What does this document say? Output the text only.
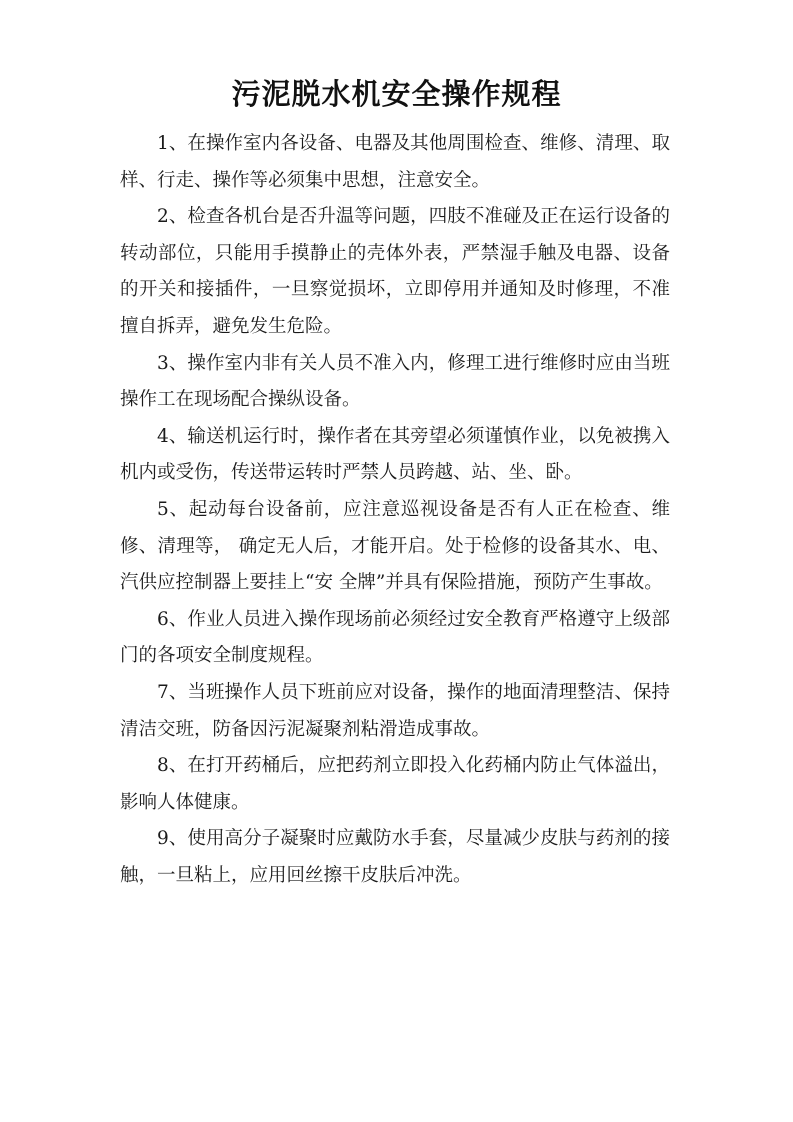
污泥脱水机安全操作规程

1、在操作室内各设备、电器及其他周围检查、维修、清理、取样、行走、操作等必须集中思想，注意安全。

2、检查各机台是否升温等问题，四肢不准碰及正在运行设备的转动部位，只能用手摸静止的壳体外表，严禁湿手触及电器、设备的开关和接插件，一旦察觉损坏，立即停用并通知及时修理，不准擅自拆弄，避免发生危险。

3、操作室内非有关人员不准入内，修理工进行维修时应由当班操作工在现场配合操纵设备。

4、输送机运行时，操作者在其旁望必须谨慎作业，以免被携入机内或受伤，传送带运转时严禁人员跨越、站、坐、卧。

5、起动每台设备前，应注意巡视设备是否有人正在检查、维修、清理等， 确定无人后，才能开启。处于检修的设备其水、电、汽供应控制器上要挂上“安 全牌”并具有保险措施，预防产生事故。

6、作业人员进入操作现场前必须经过安全教育严格遵守上级部门的各项安全制度规程。

7、当班操作人员下班前应对设备，操作的地面清理整洁、保持清洁交班，防备因污泥凝聚剂粘滑造成事故。

8、在打开药桶后，应把药剂立即投入化药桶内防止气体溢出，影响人体健康。

9、使用高分子凝聚时应戴防水手套，尽量减少皮肤与药剂的接触，一旦粘上，应用回丝擦干皮肤后冲洗。
